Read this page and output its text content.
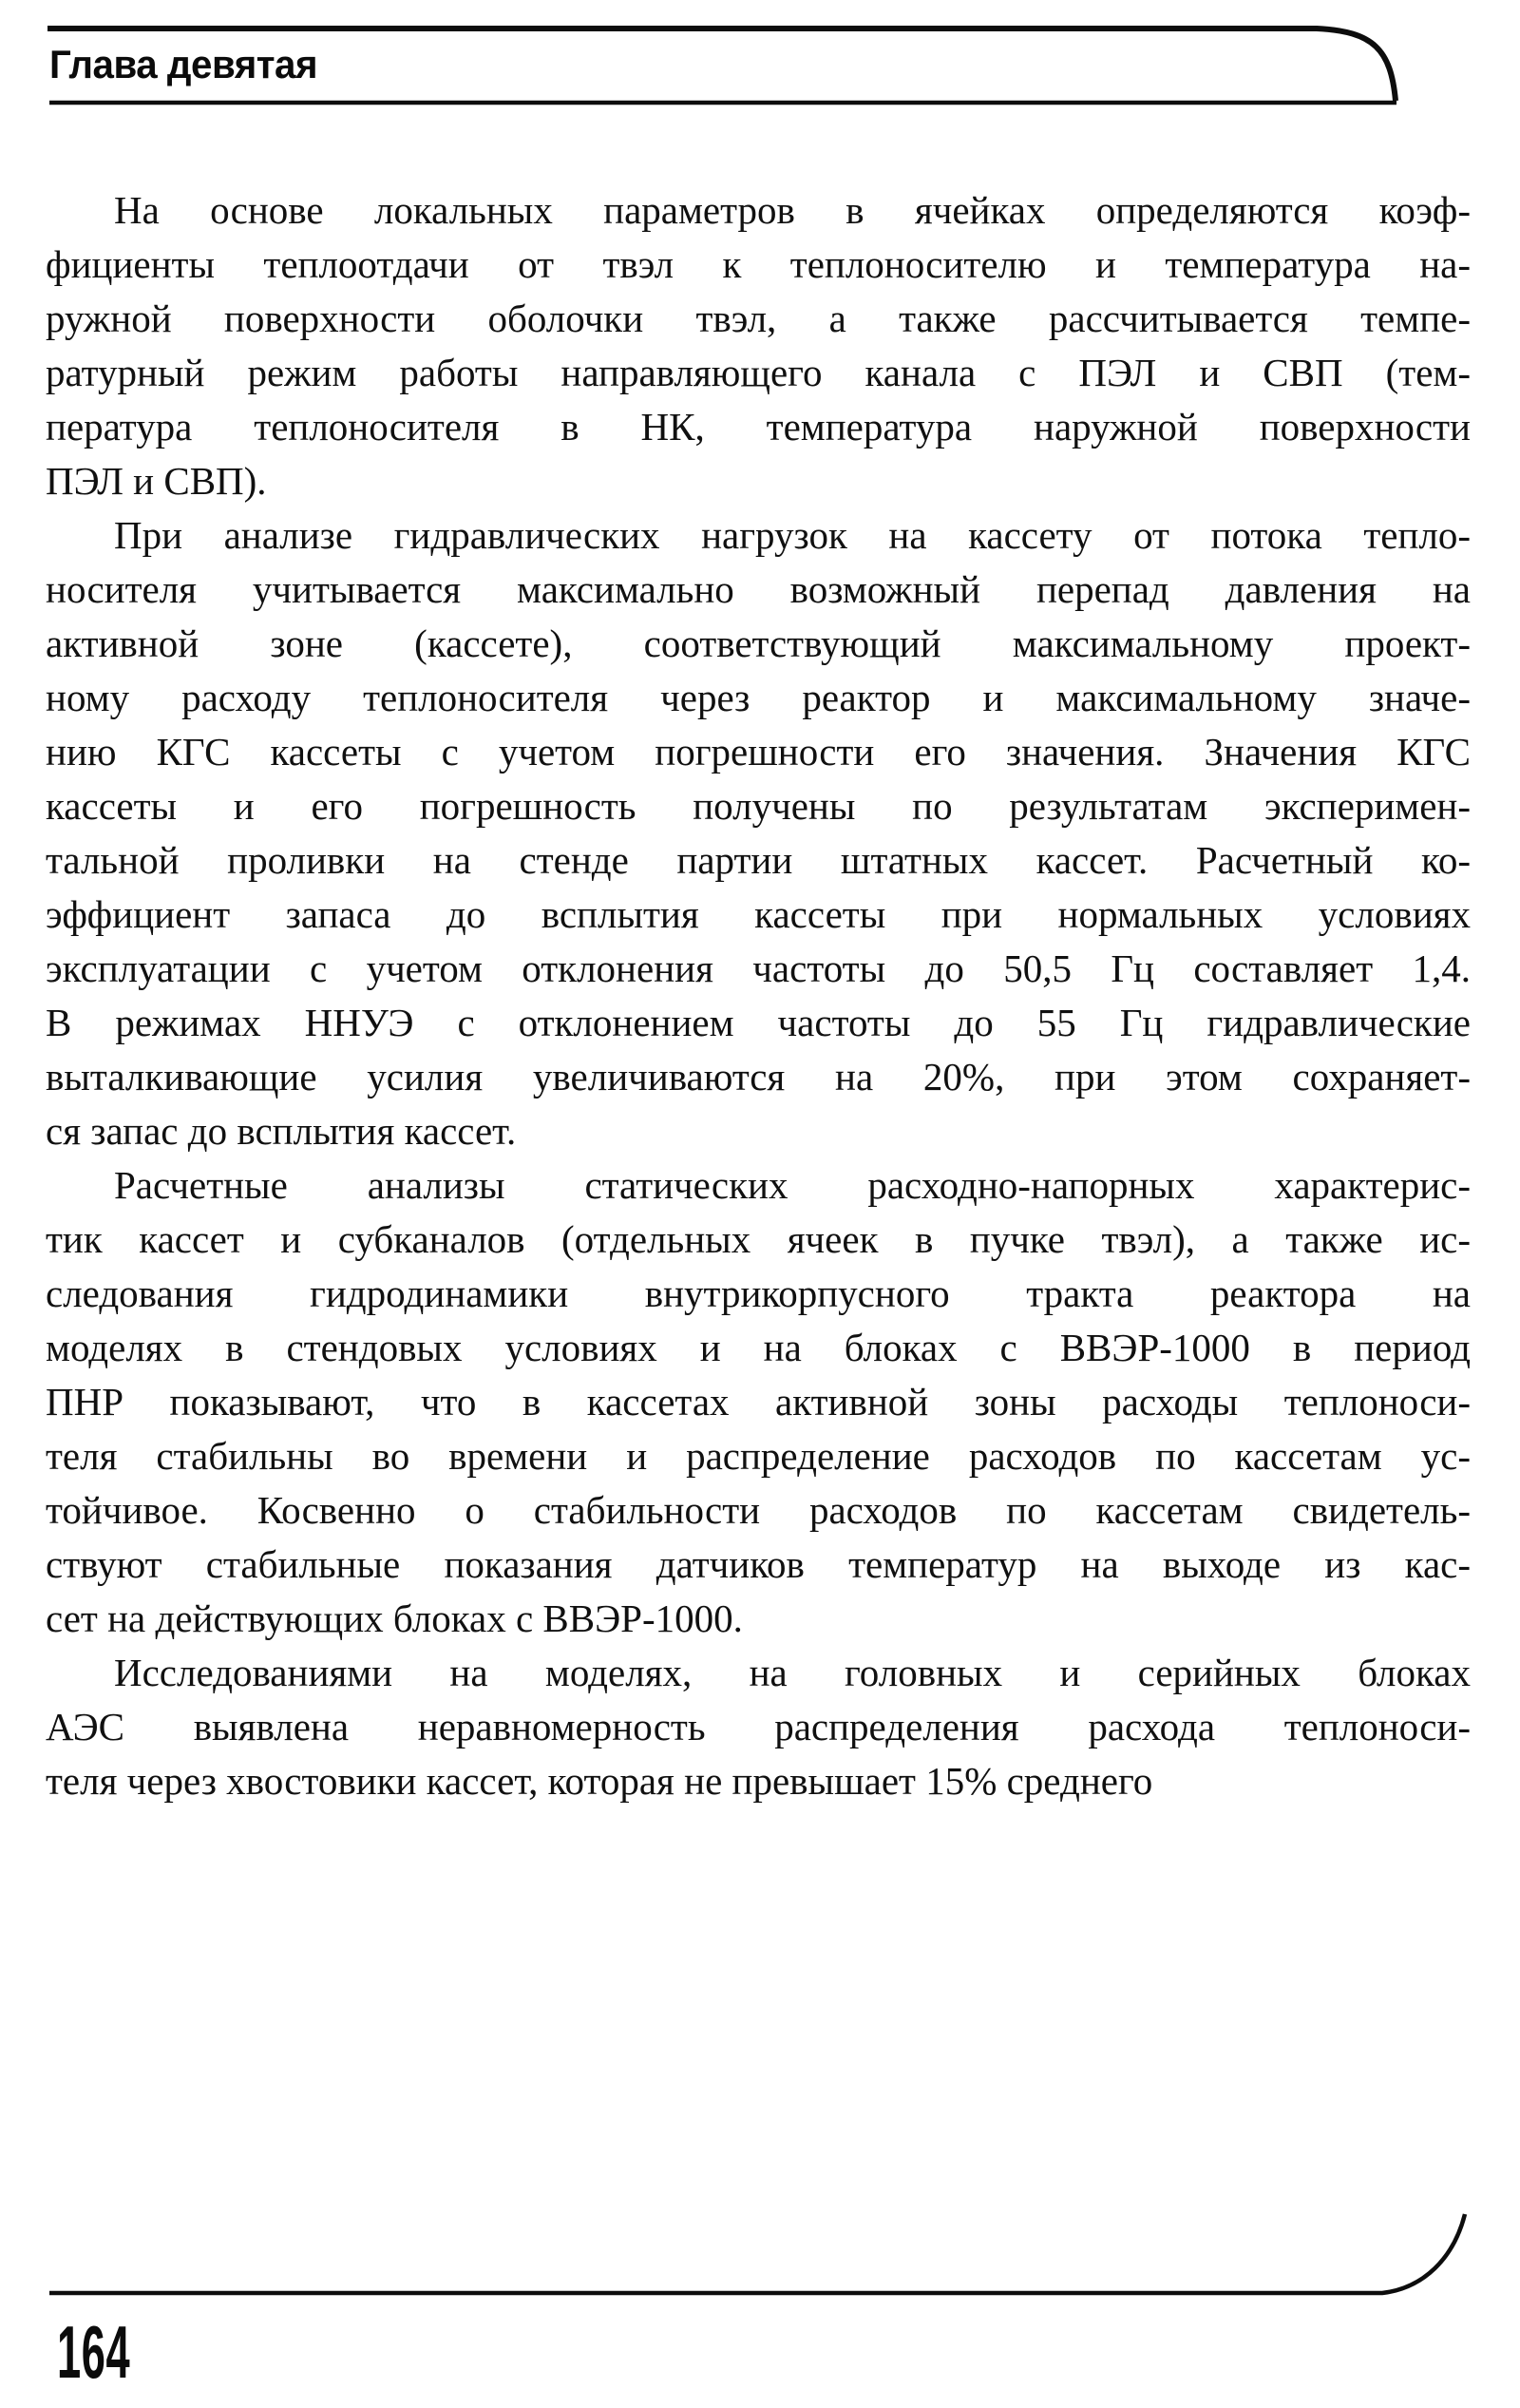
Глава девятая
На основе локальных параметров в ячейках определяются коэф-
фициенты теплоотдачи от твэл к теплоносителю и температура на-
ружной поверхности оболочки твэл, а также рассчитывается темпе-
ратурный режим работы направляющего канала с ПЭЛ и СВП (тем-
пература теплоносителя в НК, температура наружной поверхности
ПЭЛ и СВП).
При анализе гидравлических нагрузок на кассету от потока тепло-
носителя учитывается максимально возможный перепад давления на
активной зоне (кассете), соответствующий максимальному проект-
ному расходу теплоносителя через реактор и максимальному значе-
нию КГС кассеты с учетом погрешности его значения. Значения КГС
кассеты и его погрешность получены по результатам эксперимен-
тальной проливки на стенде партии штатных кассет. Расчетный ко-
эффициент запаса до всплытия кассеты при нормальных условиях
эксплуатации с учетом отклонения частоты до 50,5 Гц составляет 1,4.
В режимах ННУЭ с отклонением частоты до 55 Гц гидравлические
выталкивающие усилия увеличиваются на 20%, при этом сохраняет-
ся запас до всплытия кассет.
Расчетные анализы статических расходно-напорных характерис-
тик кассет и субканалов (отдельных ячеек в пучке твэл), а также ис-
следования гидродинамики внутрикорпусного тракта реактора на
моделях в стендовых условиях и на блоках с ВВЭР-1000 в период
ПНР показывают, что в кассетах активной зоны расходы теплоноси-
теля стабильны во времени и распределение расходов по кассетам ус-
тойчивое. Косвенно о стабильности расходов по кассетам свидетель-
ствуют стабильные показания датчиков температур на выходе из кас-
сет на действующих блоках с ВВЭР-1000.
Исследованиями на моделях, на головных и серийных блоках
АЭС выявлена неравномерность распределения расхода теплоноси-
теля через хвостовики кассет, которая не превышает 15% среднего
164
